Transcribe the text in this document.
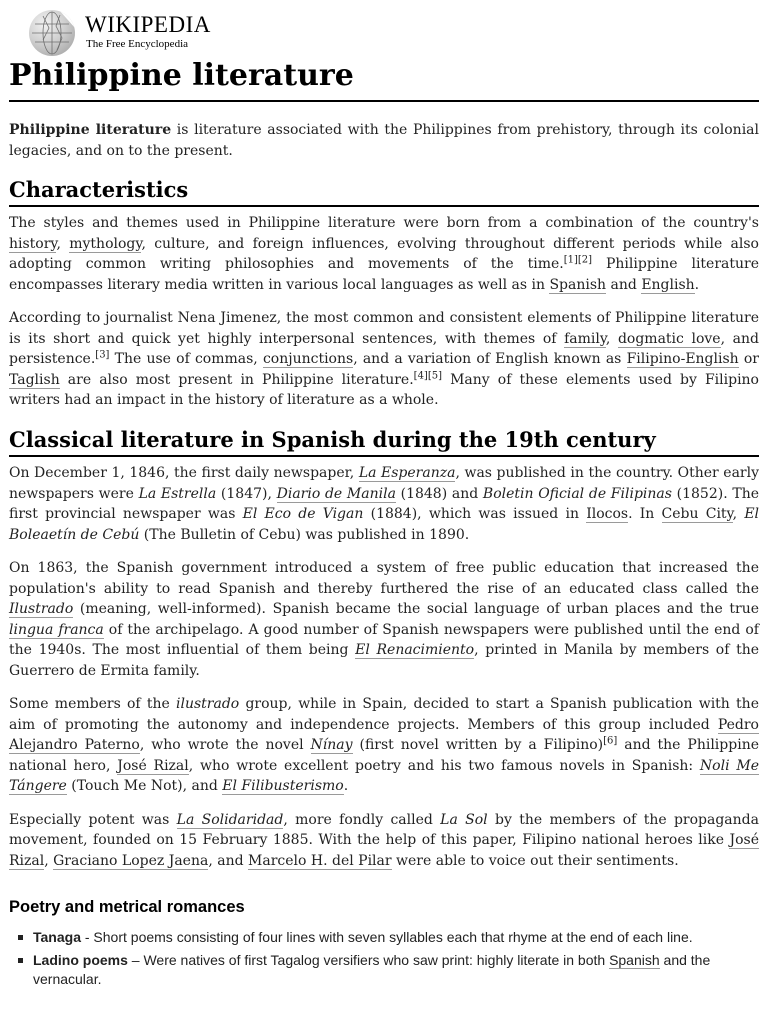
WIKIPEDIA
The Free Encyclopedia
Philippine literature

Philippine literature is literature associated with the Philippines from prehistory, through its colonial legacies, and on to the present.

Characteristics

The styles and themes used in Philippine literature were born from a combination of the country's history, mythology, culture, and foreign influences, evolving throughout different periods while also adopting common writing philosophies and movements of the time.[1][2] Philippine literature encompasses literary media written in various local languages as well as in Spanish and English.

According to journalist Nena Jimenez, the most common and consistent elements of Philippine literature is its short and quick yet highly interpersonal sentences, with themes of family, dogmatic love, and persistence.[3] The use of commas, conjunctions, and a variation of English known as Filipino-English or Taglish are also most present in Philippine literature.[4][5] Many of these elements used by Filipino writers had an impact in the history of literature as a whole.

Classical literature in Spanish during the 19th century

On December 1, 1846, the first daily newspaper, La Esperanza, was published in the country. Other early newspapers were La Estrella (1847), Diario de Manila (1848) and Boletin Oficial de Filipinas (1852). The first provincial newspaper was El Eco de Vigan (1884), which was issued in Ilocos. In Cebu City, El Boleaetín de Cebú (The Bulletin of Cebu) was published in 1890.

On 1863, the Spanish government introduced a system of free public education that increased the population's ability to read Spanish and thereby furthered the rise of an educated class called the Ilustrado (meaning, well-informed). Spanish became the social language of urban places and the true lingua franca of the archipelago. A good number of Spanish newspapers were published until the end of the 1940s. The most influential of them being El Renacimiento, printed in Manila by members of the Guerrero de Ermita family.

Some members of the ilustrado group, while in Spain, decided to start a Spanish publication with the aim of promoting the autonomy and independence projects. Members of this group included Pedro Alejandro Paterno, who wrote the novel Nínay (first novel written by a Filipino)[6] and the Philippine national hero, José Rizal, who wrote excellent poetry and his two famous novels in Spanish: Noli Me Tángere (Touch Me Not), and El Filibusterismo.

Especially potent was La Solidaridad, more fondly called La Sol by the members of the propaganda movement, founded on 15 February 1885. With the help of this paper, Filipino national heroes like José Rizal, Graciano Lopez Jaena, and Marcelo H. del Pilar were able to voice out their sentiments.

Poetry and metrical romances
Tanaga - Short poems consisting of four lines with seven syllables each that rhyme at the end of each line.
Ladino poems – Were natives of first Tagalog versifiers who saw print: highly literate in both Spanish and the vernacular.
